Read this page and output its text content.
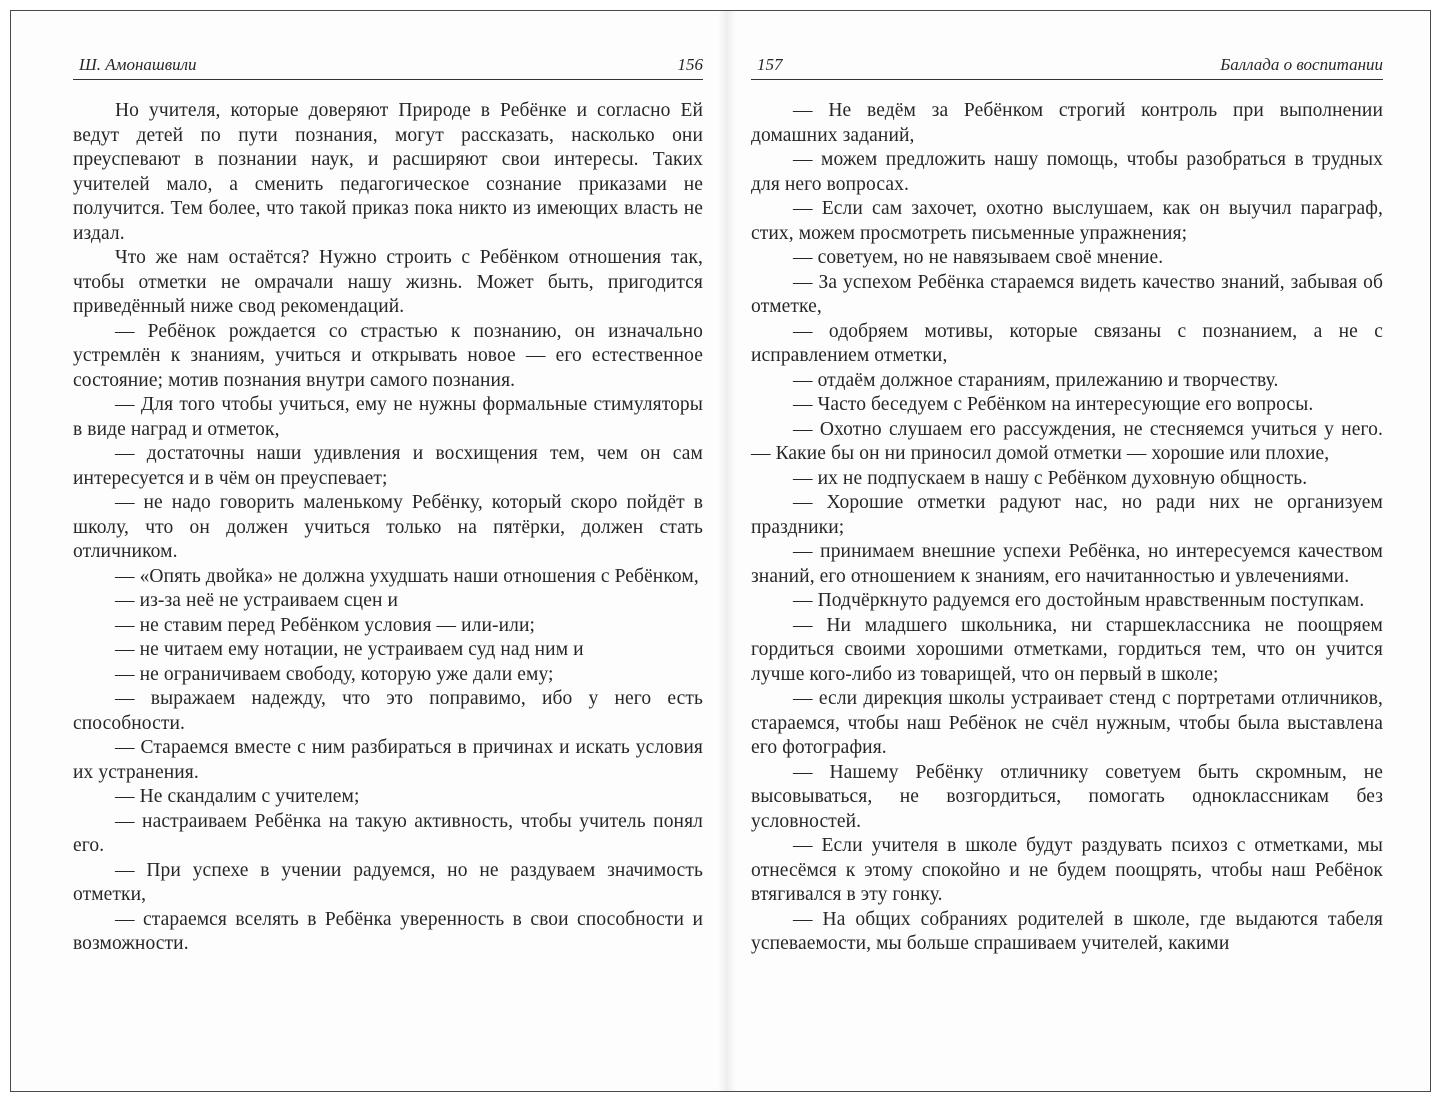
Ш. Амонашвили	156

Но учителя, которые доверяют Природе в Ребёнке и согласно Ей ведут детей по пути познания, могут рассказать, насколько они преуспевают в познании наук, и расширяют свои интересы. Таких учителей мало, а сменить педагогическое сознание приказами не получится. Тем более, что такой приказ пока никто из имеющих власть не издал.

Что же нам остаётся? Нужно строить с Ребёнком отношения так, чтобы отметки не омрачали нашу жизнь. Может быть, пригодится приведённый ниже свод рекомендаций.

— Ребёнок рождается со страстью к познанию, он изначально устремлён к знаниям, учиться и открывать новое — его естественное состояние; мотив познания внутри самого познания.

— Для того чтобы учиться, ему не нужны формальные стимуляторы в виде наград и отметок,

— достаточны наши удивления и восхищения тем, чем он сам интересуется и в чём он преуспевает;

— не надо говорить маленькому Ребёнку, который скоро пойдёт в школу, что он должен учиться только на пятёрки, должен стать отличником.

— «Опять двойка» не должна ухудшать наши отношения с Ребёнком,

— из-за неё не устраиваем сцен и

— не ставим перед Ребёнком условия — или-или;

— не читаем ему нотации, не устраиваем суд над ним и

— не ограничиваем свободу, которую уже дали ему;

— выражаем надежду, что это поправимо, ибо у него есть способности.

— Стараемся вместе с ним разбираться в причинах и искать условия их устранения.

— Не скандалим с учителем;

— настраиваем Ребёнка на такую активность, чтобы учитель понял его.

— При успехе в учении радуемся, но не раздуваем значимость отметки,

— стараемся вселять в Ребёнка уверенность в свои способности и возможности.

157	Баллада о воспитании

— Не ведём за Ребёнком строгий контроль при выполнении домашних заданий,

— можем предложить нашу помощь, чтобы разобраться в трудных для него вопросах.

— Если сам захочет, охотно выслушаем, как он выучил параграф, стих, можем просмотреть письменные упражнения;

— советуем, но не навязываем своё мнение.

— За успехом Ребёнка стараемся видеть качество знаний, забывая об отметке,

— одобряем мотивы, которые связаны с познанием, а не с исправлением отметки,

— отдаём должное стараниям, прилежанию и творчеству.

— Часто беседуем с Ребёнком на интересующие его вопросы.

— Охотно слушаем его рассуждения, не стесняемся учиться у него. — Какие бы он ни приносил домой отметки — хорошие или плохие,

— их не подпускаем в нашу с Ребёнком духовную общность.

— Хорошие отметки радуют нас, но ради них не организуем праздники;

— принимаем внешние успехи Ребёнка, но интересуемся качеством знаний, его отношением к знаниям, его начитанностью и увлечениями.

— Подчёркнуто радуемся его достойным нравственным поступкам.

— Ни младшего школьника, ни старшеклассника не поощряем гордиться своими хорошими отметками, гордиться тем, что он учится лучше кого-либо из товарищей, что он первый в школе;

— если дирекция школы устраивает стенд с портретами отличников, стараемся, чтобы наш Ребёнок не счёл нужным, чтобы была выставлена его фотография.

— Нашему Ребёнку отличнику советуем быть скромным, не высовываться, не возгордиться, помогать одноклассникам без условностей.

— Если учителя в школе будут раздувать психоз с отметками, мы отнесёмся к этому спокойно и не будем поощрять, чтобы наш Ребёнок втягивался в эту гонку.

— На общих собраниях родителей в школе, где выдаются табеля успеваемости, мы больше спрашиваем учителей, какими
